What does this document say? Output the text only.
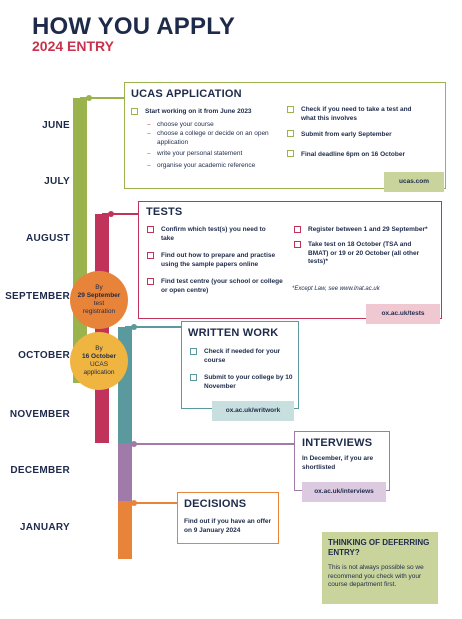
HOW YOU APPLY
2024 ENTRY
JUNE
JULY
AUGUST
SEPTEMBER
OCTOBER
NOVEMBER
DECEMBER
JANUARY
UCAS APPLICATION
Start working on it from June 2023
– choose your course
– choose a college or decide on an open application
– write your personal statement
– organise your academic reference
Check if you need to take a test and what this involves
Submit from early September
Final deadline 6pm on 16 October
ucas.com
TESTS
Confirm which test(s) you need to take
Find out how to prepare and practise using the sample papers online
Find test centre (your school or college or open centre)
Register between 1 and 29 September*
Take test on 18 October (TSA and BMAT) or 19 or 20 October (all other tests)*
*Except Law, see www.lnat.ac.uk
ox.ac.uk/tests
By
29 September
test
registration
By
16 October
UCAS
application
WRITTEN WORK
Check if needed for your course
Submit to your college by 10 November
ox.ac.uk/writwork
INTERVIEWS
In December, if you are shortlisted
ox.ac.uk/interviews
DECISIONS
Find out if you have an offer on 9 January 2024
THINKING OF DEFERRING ENTRY?
This is not always possible so we recommend you check with your course department first.
